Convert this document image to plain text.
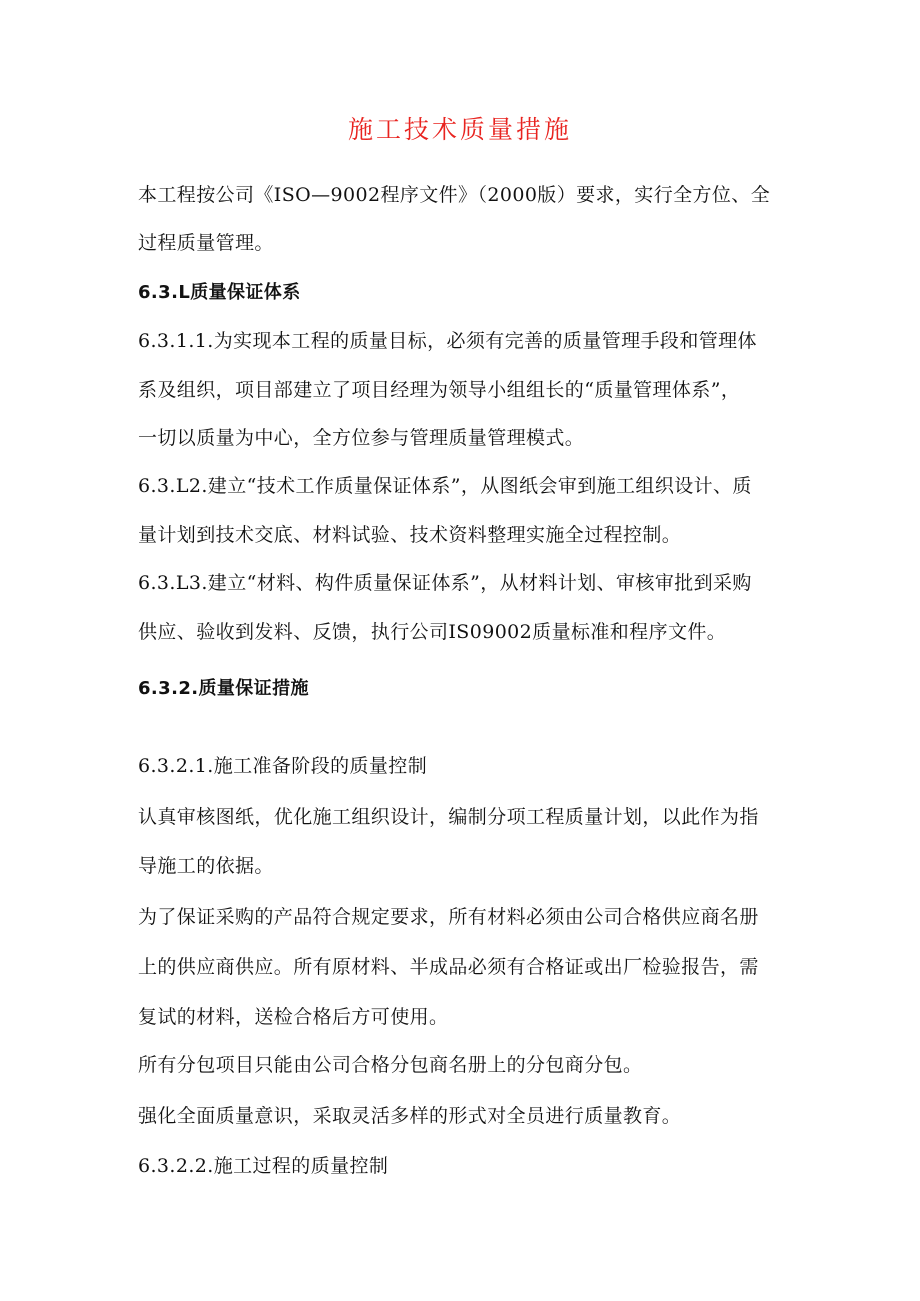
施工技术质量措施
本工程按公司《ISO—9002程序文件》（2000版）要求，实行全方位、全
过程质量管理。
6.3.L质量保证体系
6.3.1.1.为实现本工程的质量目标，必须有完善的质量管理手段和管理体
系及组织，项目部建立了项目经理为领导小组组长的“质量管理体系”，
一切以质量为中心，全方位参与管理质量管理模式。
6.3.L2.建立“技术工作质量保证体系”，从图纸会审到施工组织设计、质
量计划到技术交底、材料试验、技术资料整理实施全过程控制。
6.3.L3.建立“材料、构件质量保证体系”，从材料计划、审核审批到采购
供应、验收到发料、反馈，执行公司IS09002质量标准和程序文件。
6.3.2.质量保证措施
6.3.2.1.施工准备阶段的质量控制
认真审核图纸，优化施工组织设计，编制分项工程质量计划，以此作为指
导施工的依据。
为了保证采购的产品符合规定要求，所有材料必须由公司合格供应商名册
上的供应商供应。所有原材料、半成品必须有合格证或出厂检验报告，需
复试的材料，送检合格后方可使用。
所有分包项目只能由公司合格分包商名册上的分包商分包。
强化全面质量意识，采取灵活多样的形式对全员进行质量教育。
6.3.2.2.施工过程的质量控制
